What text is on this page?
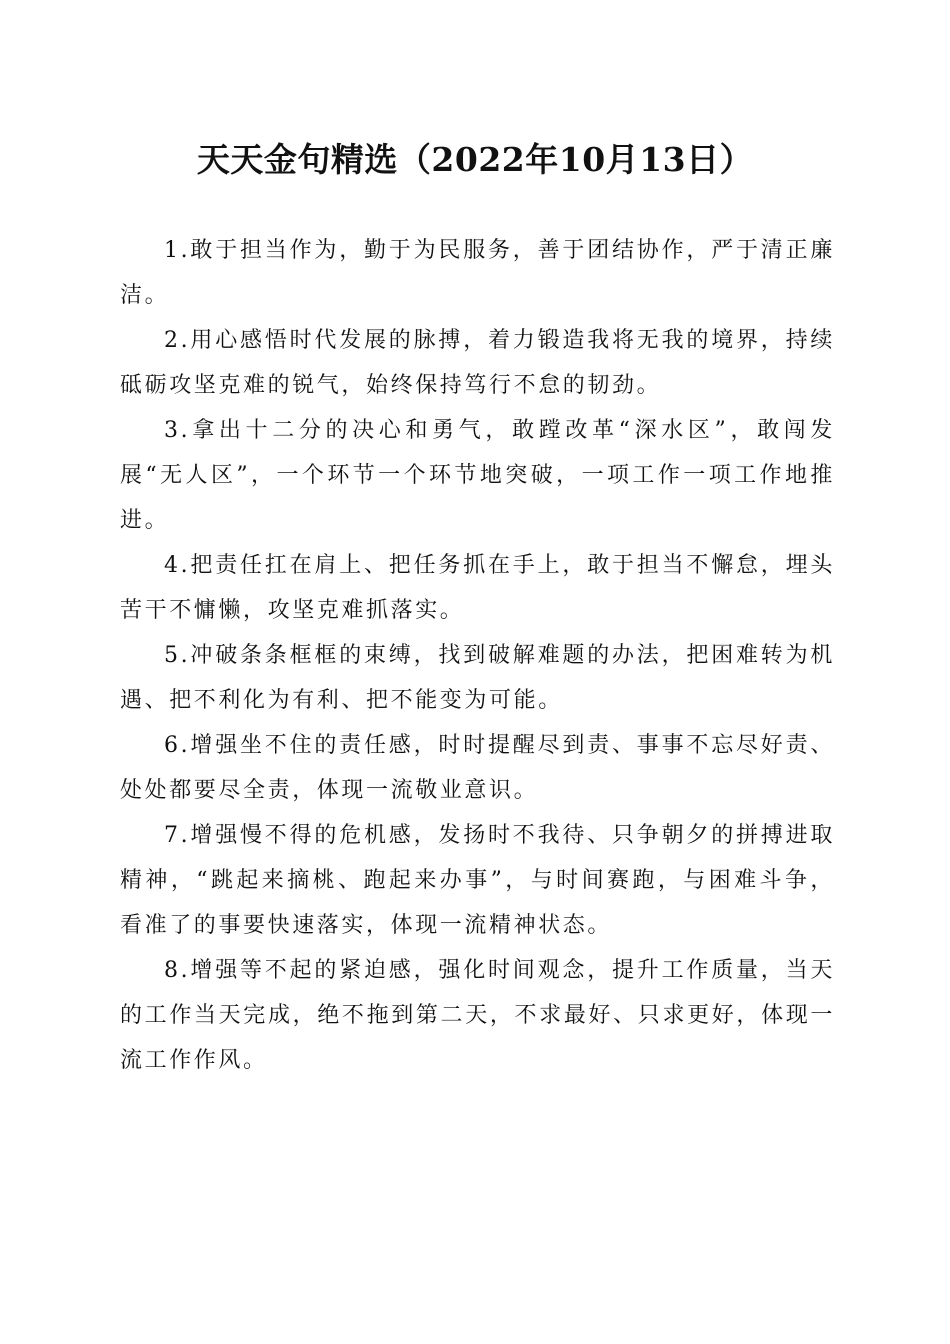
天天金句精选（2022年10月13日）

1.敢于担当作为，勤于为民服务，善于团结协作，严于清正廉洁。

2.用心感悟时代发展的脉搏，着力锻造我将无我的境界，持续砥砺攻坚克难的锐气，始终保持笃行不怠的韧劲。

3.拿出十二分的决心和勇气，敢蹚改革“深水区”，敢闯发展“无人区”，一个环节一个环节地突破，一项工作一项工作地推进。

4.把责任扛在肩上、把任务抓在手上，敢于担当不懈怠，埋头苦干不慵懒，攻坚克难抓落实。

5.冲破条条框框的束缚，找到破解难题的办法，把困难转为机遇、把不利化为有利、把不能变为可能。

6.增强坐不住的责任感，时时提醒尽到责、事事不忘尽好责、处处都要尽全责，体现一流敬业意识。

7.增强慢不得的危机感，发扬时不我待、只争朝夕的拼搏进取精神，“跳起来摘桃、跑起来办事”，与时间赛跑，与困难斗争，看准了的事要快速落实，体现一流精神状态。

8.增强等不起的紧迫感，强化时间观念，提升工作质量，当天的工作当天完成，绝不拖到第二天，不求最好、只求更好，体现一流工作作风。
